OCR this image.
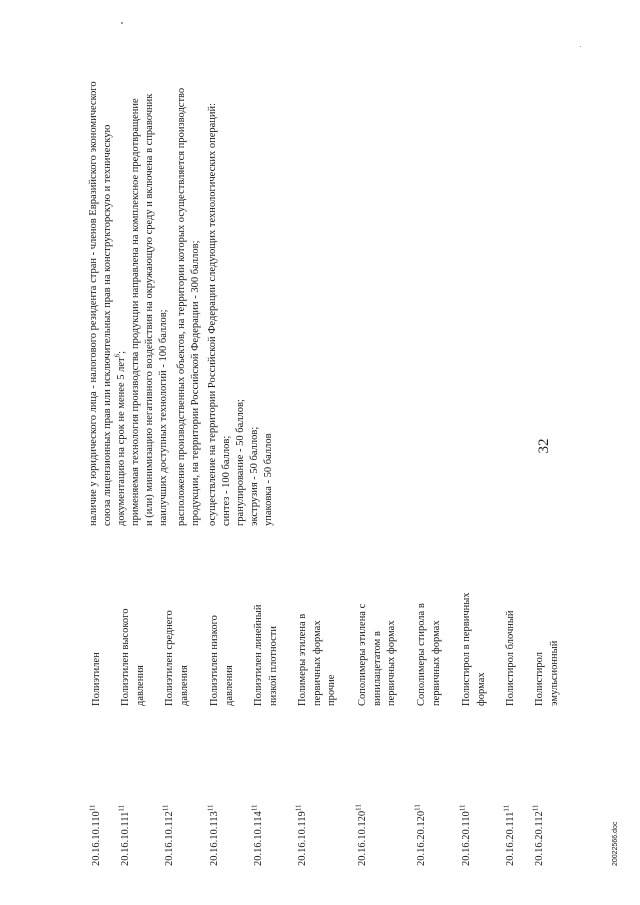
32
20.16.10.110$^{11}$
Полиэтилен
20.16.10.111$^{11}$
Полиэтилен высокого давления
20.16.10.112$^{11}$
Полиэтилен среднего давления
20.16.10.113$^{11}$
Полиэтилен низкого давления
20.16.10.114$^{11}$
Полиэтилен линейный низкой плотности
20.16.10.119$^{11}$
Полимеры этилена в первичных формах прочие
20.16.10.120$^{11}$
Сополимеры этилена с винилацетатом в первичных формах
20.16.20.120$^{11}$
Сополимеры стирола в первичных формах
20.16.20.110$^{11}$
Полистирол в первичных формах
20.16.20.111$^{11}$
Полистирол блочный
20.16.20.112$^{11}$
Полистирол эмульсионный
наличие у юридического лица - налогового резидента стран - членов Евразийского экономического союза лицензионных прав или исключительных прав на конструкторскую и техническую документацию на срок не менее 5 лет$^6$; применяемая технология производства продукции направлена на комплексное предотвращение и (или) минимизацию негативного воздействия на окружающую среду и включена в справочник наилучших доступных технологий - 100 баллов; расположение производственных объектов, на территории которых осуществляется производство продукции, на территории Российской Федерации - 300 баллов; осуществление на территории Российской Федерации следующих технологических операций: синтез - 100 баллов; гранулирование - 50 баллов; экструзия - 50 баллов; упаковка - 50 баллов
20022566.doc
